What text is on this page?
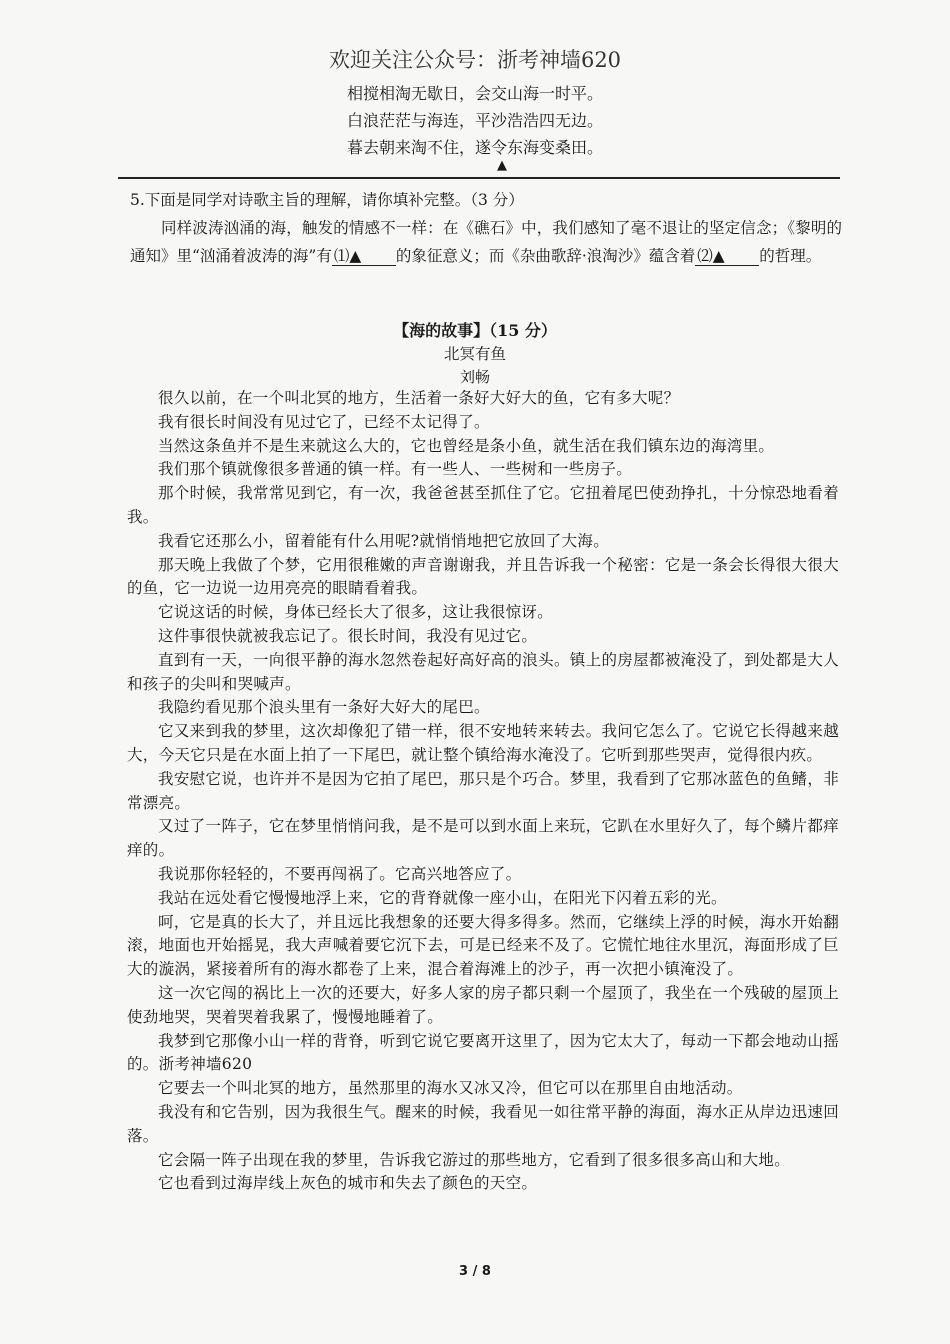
欢迎关注公众号：浙考神墙620
相搅相淘无歇日，会交山海一时平。
白浪茫茫与海连，平沙浩浩四无边。
暮去朝来淘不住，遂令东海变桑田。
▲
5.下面是同学对诗歌主旨的理解，请你填补完整。（3 分）
同样波涛汹涌的海，触发的情感不一样：在《礁石》中，我们感知了毫不退让的坚定信念；《黎明的通知》里“汹涌着波涛的海”有 ⑴▲ 的象征意义；而《杂曲歌辞·浪淘沙》蕴含着 ⑵▲ 的哲理。
【海的故事】（15 分）
北冥有鱼
刘畅

很久以前，在一个叫北冥的地方，生活着一条好大好大的鱼，它有多大呢？

我有很长时间没有见过它了，已经不太记得了。

当然这条鱼并不是生来就这么大的，它也曾经是条小鱼，就生活在我们镇东边的海湾里。

我们那个镇就像很多普通的镇一样。有一些人、一些树和一些房子。

那个时候，我常常见到它，有一次，我爸爸甚至抓住了它。它扭着尾巴使劲挣扎，十分惊恐地看着我。

我看它还那么小，留着能有什么用呢?就悄悄地把它放回了大海。

那天晚上我做了个梦，它用很稚嫩的声音谢谢我，并且告诉我一个秘密：它是一条会长得很大很大的鱼，它一边说一边用亮亮的眼睛看着我。

它说这话的时候，身体已经长大了很多，这让我很惊讶。

这件事很快就被我忘记了。很长时间，我没有见过它。

直到有一天，一向很平静的海水忽然卷起好高好高的浪头。镇上的房屋都被淹没了，到处都是大人和孩子的尖叫和哭喊声。

我隐约看见那个浪头里有一条好大好大的尾巴。

它又来到我的梦里，这次却像犯了错一样，很不安地转来转去。我问它怎么了。它说它长得越来越大，今天它只是在水面上拍了一下尾巴，就让整个镇给海水淹没了。它听到那些哭声，觉得很内疚。

我安慰它说，也许并不是因为它拍了尾巴，那只是个巧合。梦里，我看到了它那冰蓝色的鱼鳍，非常漂亮。

又过了一阵子，它在梦里悄悄问我，是不是可以到水面上来玩，它趴在水里好久了，每个鳞片都痒痒的。

我说那你轻轻的，不要再闯祸了。它高兴地答应了。

我站在远处看它慢慢地浮上来，它的背脊就像一座小山，在阳光下闪着五彩的光。

呵，它是真的长大了，并且远比我想象的还要大得多得多。然而，它继续上浮的时候，海水开始翻滚，地面也开始摇晃，我大声喊着要它沉下去，可是已经来不及了。它慌忙地往水里沉，海面形成了巨大的漩涡，紧接着所有的海水都卷了上来，混合着海滩上的沙子，再一次把小镇淹没了。

这一次它闯的祸比上一次的还要大，好多人家的房子都只剩一个屋顶了，我坐在一个残破的屋顶上使劲地哭，哭着哭着我累了，慢慢地睡着了。

我梦到它那像小山一样的背脊，听到它说它要离开这里了，因为它太大了，每动一下都会地动山摇的。浙考神墙620

它要去一个叫北冥的地方，虽然那里的海水又冰又冷，但它可以在那里自由地活动。

我没有和它告别，因为我很生气。醒来的时候，我看见一如往常平静的海面，海水正从岸边迅速回落。

它会隔一阵子出现在我的梦里，告诉我它游过的那些地方，它看到了很多很多高山和大地。

它也看到过海岸线上灰色的城市和失去了颜色的天空。

3 / 8
